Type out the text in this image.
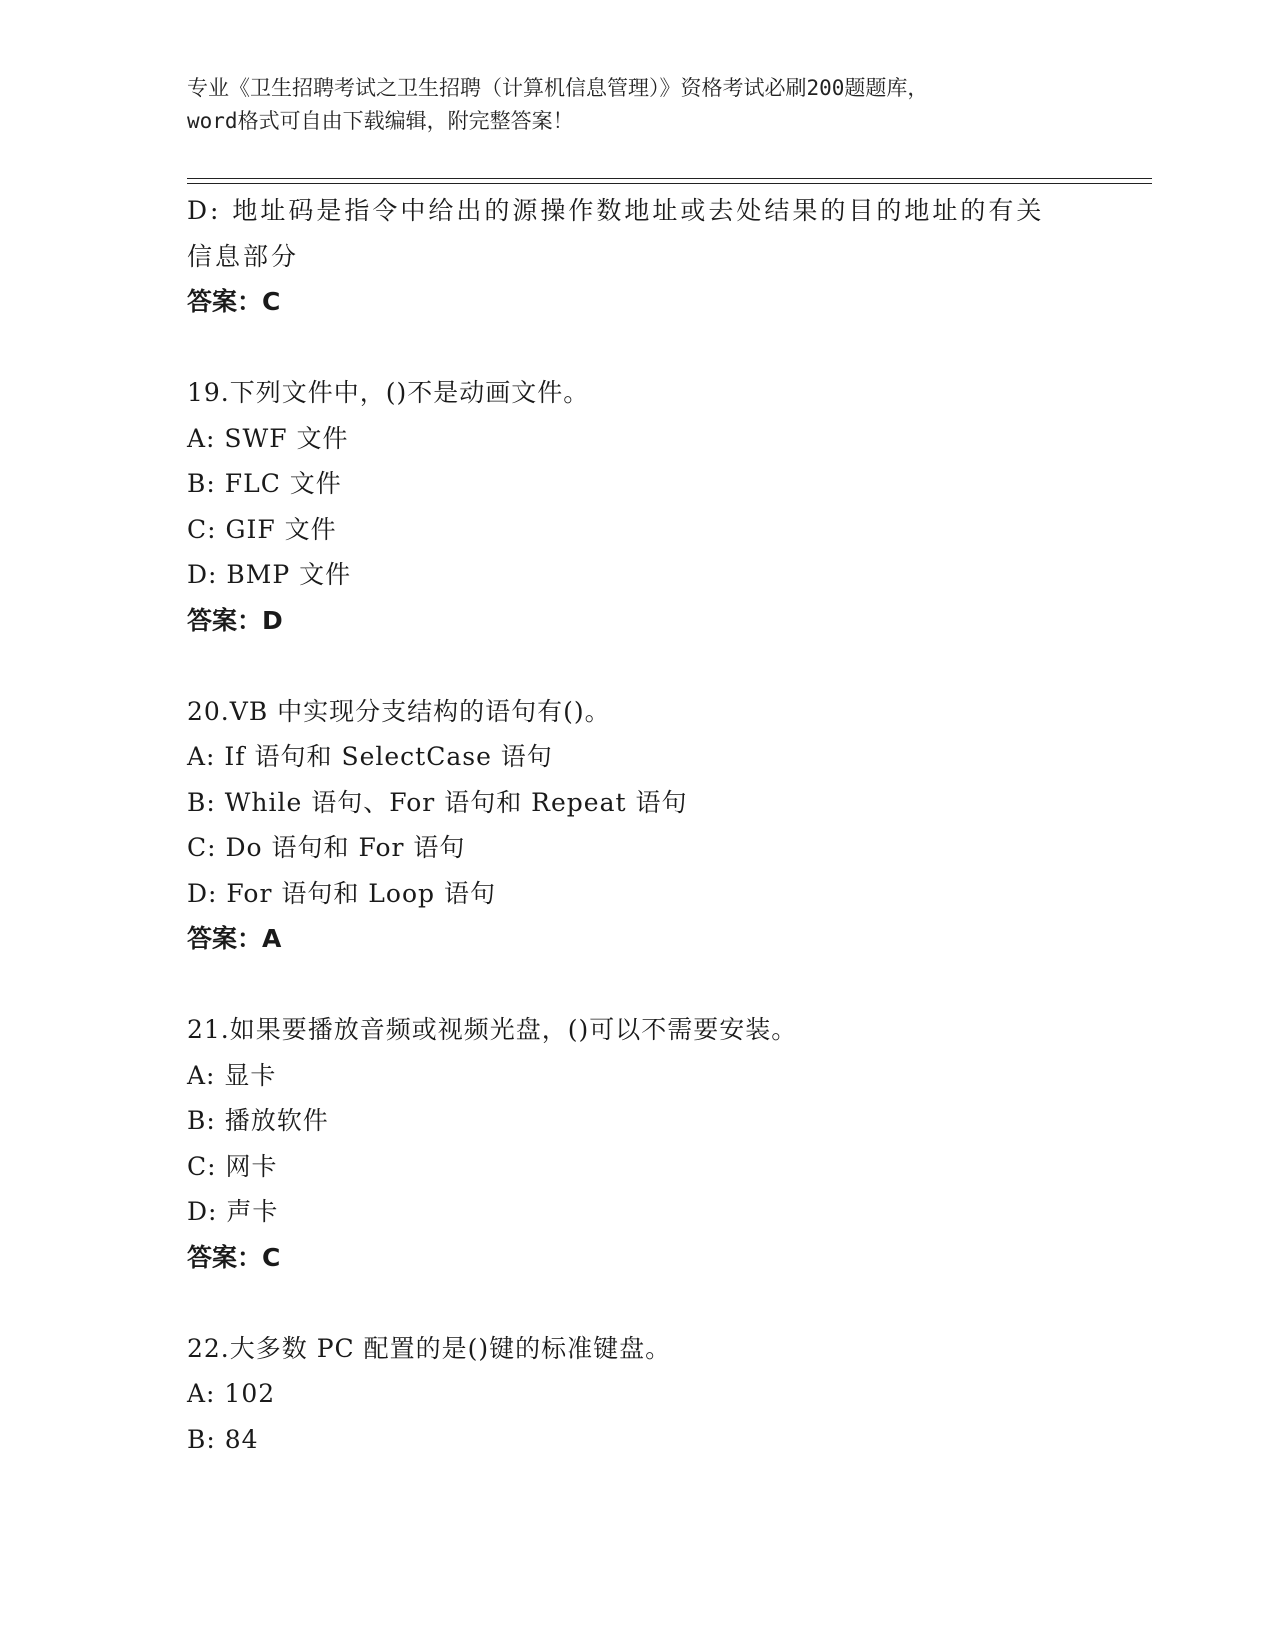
专业《卫生招聘考试之卫生招聘（计算机信息管理）》资格考试必刷200题题库，
word格式可自由下载编辑，附完整答案！
D: 地址码是指令中给出的源操作数地址或去处结果的目的地址的有关信息部分
答案：C
19.下列文件中，()不是动画文件。
A: SWF 文件
B: FLC 文件
C: GIF 文件
D: BMP 文件
答案：D
20.VB 中实现分支结构的语句有()。
A: If 语句和 SelectCase 语句
B: While 语句、For 语句和 Repeat 语句
C: Do 语句和 For 语句
D: For 语句和 Loop 语句
答案：A
21.如果要播放音频或视频光盘，()可以不需要安装。
A: 显卡
B: 播放软件
C: 网卡
D: 声卡
答案：C
22.大多数 PC 配置的是()键的标准键盘。
A: 102
B: 84
